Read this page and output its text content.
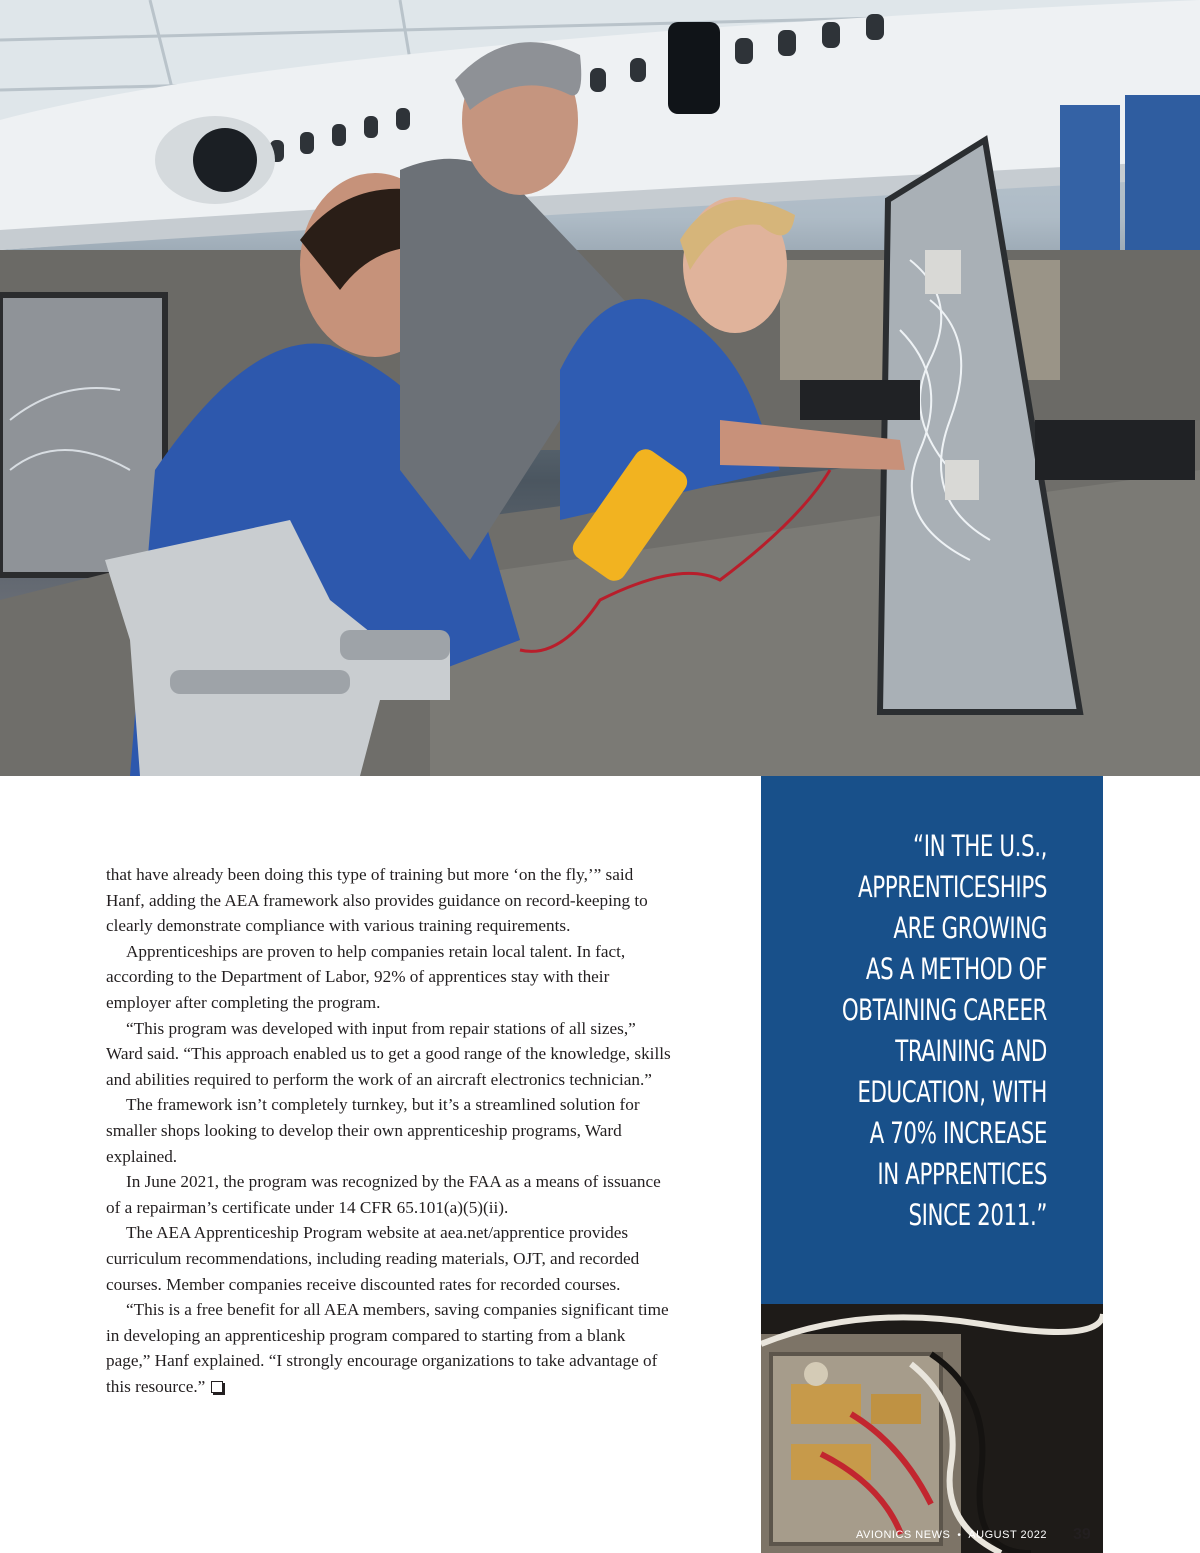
that have already been doing this type of training but more ‘on the fly,’” said Hanf, adding the AEA framework also provides guidance on record-keeping to clearly demonstrate compliance with various training requirements.

Apprenticeships are proven to help companies retain local talent. In fact, according to the Department of Labor, 92% of apprentices stay with their employer after completing the program.

“This program was developed with input from repair stations of all sizes,” Ward said. “This approach enabled us to get a good range of the knowledge, skills and abilities required to perform the work of an aircraft electronics technician.”

The framework isn’t completely turnkey, but it’s a streamlined solution for smaller shops looking to develop their own apprenticeship programs, Ward explained.

In June 2021, the program was recognized by the FAA as a means of issuance of a repairman’s certificate under 14 CFR 65.101(a)(5)(ii).

The AEA Apprenticeship Program website at aea.net/apprentice provides curriculum recommendations, including reading materials, OJT, and recorded courses. Member companies receive discounted rates for recorded courses.

“This is a free benefit for all AEA members, saving companies significant time in developing an apprenticeship program compared to starting from a blank page,” Hanf explained. “I strongly encourage organizations to take advantage of this resource.”

“IN THE U.S.,
APPRENTICESHIPS
ARE GROWING
AS A METHOD OF
OBTAINING CAREER
TRAINING AND
EDUCATION, WITH
A 70% INCREASE
IN APPRENTICES
SINCE 2011.”
AVIONICS NEWS • AUGUST 2022 39
